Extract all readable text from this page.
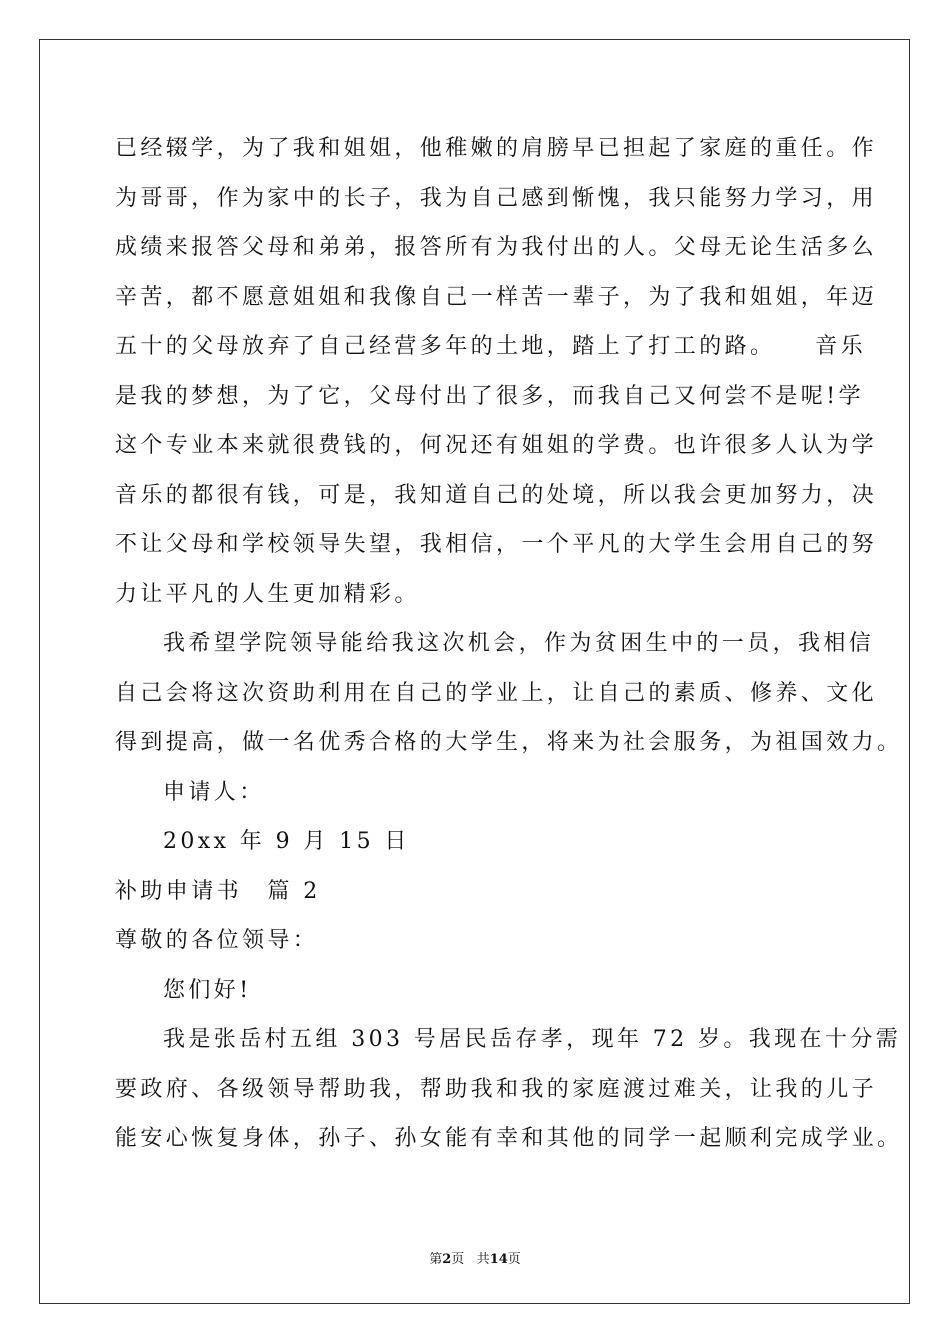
已经辍学，为了我和姐姐，他稚嫩的肩膀早已担起了家庭的重任。作
为哥哥，作为家中的长子，我为自己感到惭愧，我只能努力学习，用
成绩来报答父母和弟弟，报答所有为我付出的人。父母无论生活多么
辛苦，都不愿意姐姐和我像自己一样苦一辈子，为了我和姐姐，年迈
五十的父母放弃了自己经营多年的土地，踏上了打工的路。　　音乐
是我的梦想，为了它，父母付出了很多，而我自己又何尝不是呢!学
这个专业本来就很费钱的，何况还有姐姐的学费。也许很多人认为学
音乐的都很有钱，可是，我知道自己的处境，所以我会更加努力，决
不让父母和学校领导失望，我相信，一个平凡的大学生会用自己的努
力让平凡的人生更加精彩。
我希望学院领导能给我这次机会，作为贫困生中的一员，我相信
自己会将这次资助利用在自己的学业上，让自己的素质、修养、文化
得到提高，做一名优秀合格的大学生，将来为社会服务，为祖国效力。
申请人：
20xx 年 9 月 15 日
补助申请书　篇 2
尊敬的各位领导：
您们好!
我是张岳村五组 303 号居民岳存孝，现年 72 岁。我现在十分需
要政府、各级领导帮助我，帮助我和我的家庭渡过难关，让我的儿子
能安心恢复身体，孙子、孙女能有幸和其他的同学一起顺利完成学业。
第2页 共14页
